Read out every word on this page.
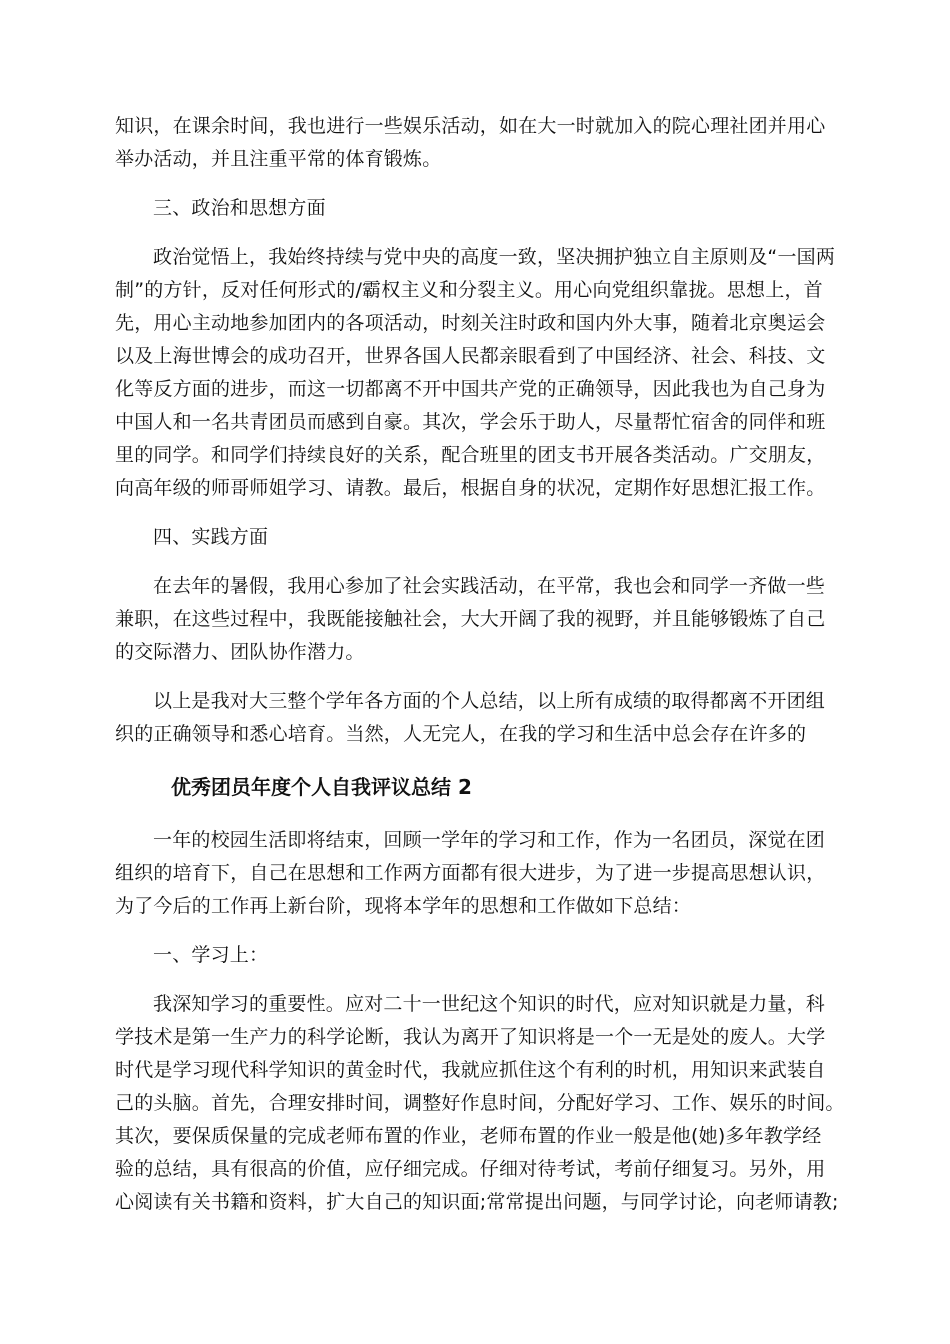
知识，在课余时间，我也进行一些娱乐活动，如在大一时就加入的院心理社团并用心
举办活动，并且注重平常的体育锻炼。
三、政治和思想方面
政治觉悟上，我始终持续与党中央的高度一致，坚决拥护独立自主原则及“一国两
制”的方针，反对任何形式的/霸权主义和分裂主义。用心向党组织靠拢。思想上，首
先，用心主动地参加团内的各项活动，时刻关注时政和国内外大事，随着北京奥运会
以及上海世博会的成功召开，世界各国人民都亲眼看到了中国经济、社会、科技、文
化等反方面的进步，而这一切都离不开中国共产党的正确领导，因此我也为自己身为
中国人和一名共青团员而感到自豪。其次，学会乐于助人，尽量帮忙宿舍的同伴和班
里的同学。和同学们持续良好的关系，配合班里的团支书开展各类活动。广交朋友，
向高年级的师哥师姐学习、请教。最后，根据自身的状况，定期作好思想汇报工作。
四、实践方面
在去年的暑假，我用心参加了社会实践活动，在平常，我也会和同学一齐做一些
兼职，在这些过程中，我既能接触社会，大大开阔了我的视野，并且能够锻炼了自己
的交际潜力、团队协作潜力。
以上是我对大三整个学年各方面的个人总结，以上所有成绩的取得都离不开团组
织的正确领导和悉心培育。当然，人无完人，在我的学习和生活中总会存在许多的
优秀团员年度个人自我评议总结 2
一年的校园生活即将结束，回顾一学年的学习和工作，作为一名团员，深觉在团
组织的培育下，自己在思想和工作两方面都有很大进步，为了进一步提高思想认识，
为了今后的工作再上新台阶，现将本学年的思想和工作做如下总结：
一、学习上：
我深知学习的重要性。应对二十一世纪这个知识的时代，应对知识就是力量，科
学技术是第一生产力的科学论断，我认为离开了知识将是一个一无是处的废人。大学
时代是学习现代科学知识的黄金时代，我就应抓住这个有利的时机，用知识来武装自
己的头脑。首先，合理安排时间，调整好作息时间，分配好学习、工作、娱乐的时间。
其次，要保质保量的完成老师布置的作业，老师布置的作业一般是他(她)多年教学经
验的总结，具有很高的价值，应仔细完成。仔细对待考试，考前仔细复习。另外，用
心阅读有关书籍和资料，扩大自己的知识面;常常提出问题，与同学讨论，向老师请教;
